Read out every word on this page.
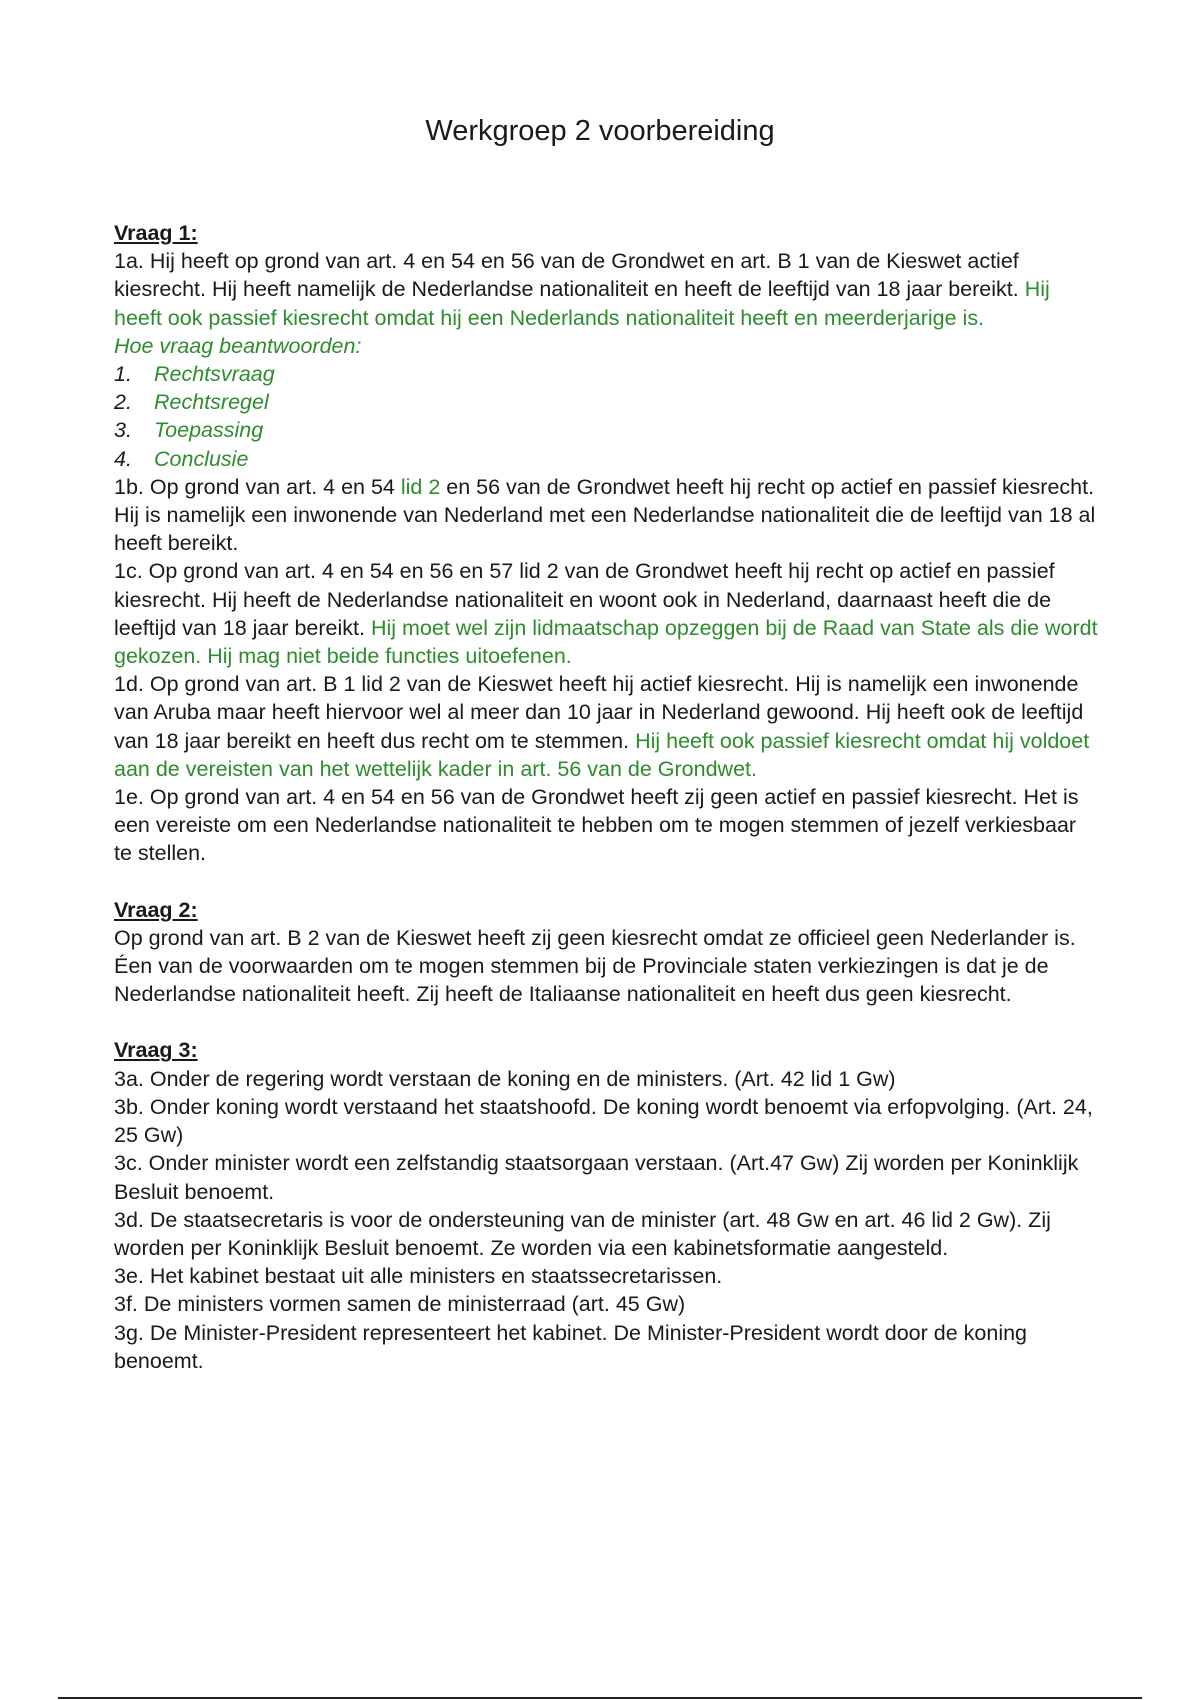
Werkgroep 2 voorbereiding

Vraag 1:

1a. Hij heeft op grond van art. 4 en 54 en 56 van de Grondwet en art. B 1 van de Kieswet actief kiesrecht. Hij heeft namelijk de Nederlandse nationaliteit en heeft de leeftijd van 18 jaar bereikt. Hij heeft ook passief kiesrecht omdat hij een Nederlands nationaliteit heeft en meerderjarige is.

Hoe vraag beantwoorden:

1.	Rechtsvraag
2.	Rechtsregel
3.	Toepassing
4.	Conclusie

1b. Op grond van art. 4 en 54 lid 2 en 56 van de Grondwet heeft hij recht op actief en passief kiesrecht. Hij is namelijk een inwonende van Nederland met een Nederlandse nationaliteit die de leeftijd van 18 al heeft bereikt.

1c. Op grond van art. 4 en 54 en 56 en 57 lid 2 van de Grondwet heeft hij recht op actief en passief kiesrecht. Hij heeft de Nederlandse nationaliteit en woont ook in Nederland, daarnaast heeft die de leeftijd van 18 jaar bereikt. Hij moet wel zijn lidmaatschap opzeggen bij de Raad van State als die wordt gekozen. Hij mag niet beide functies uitoefenen.

1d. Op grond van art. B 1 lid 2 van de Kieswet heeft hij actief kiesrecht. Hij is namelijk een inwonende van Aruba maar heeft hiervoor wel al meer dan 10 jaar in Nederland gewoond. Hij heeft ook de leeftijd van 18 jaar bereikt en heeft dus recht om te stemmen. Hij heeft ook passief kiesrecht omdat hij voldoet aan de vereisten van het wettelijk kader in art. 56 van de Grondwet.

1e. Op grond van art. 4 en 54 en 56 van de Grondwet heeft zij geen actief en passief kiesrecht. Het is een vereiste om een Nederlandse nationaliteit te hebben om te mogen stemmen of jezelf verkiesbaar te stellen.

Vraag 2:

Op grond van art. B 2 van de Kieswet heeft zij geen kiesrecht omdat ze officieel geen Nederlander is. Éen van de voorwaarden om te mogen stemmen bij de Provinciale staten verkiezingen is dat je de Nederlandse nationaliteit heeft. Zij heeft de Italiaanse nationaliteit en heeft dus geen kiesrecht.

Vraag 3:

3a. Onder de regering wordt verstaan de koning en de ministers. (Art. 42 lid 1 Gw)

3b. Onder koning wordt verstaand het staatshoofd. De koning wordt benoemt via erfopvolging. (Art. 24, 25 Gw)

3c. Onder minister wordt een zelfstandig staatsorgaan verstaan. (Art.47 Gw) Zij worden per Koninklijk Besluit benoemt.

3d. De staatsecretaris is voor de ondersteuning van de minister (art. 48 Gw en art. 46 lid 2 Gw). Zij worden per Koninklijk Besluit benoemt. Ze worden via een kabinetsformatie aangesteld.

3e. Het kabinet bestaat uit alle ministers en staatssecretarissen.

3f. De ministers vormen samen de ministerraad (art. 45 Gw)

3g. De Minister-President representeert het kabinet. De Minister-President wordt door de koning benoemt.
